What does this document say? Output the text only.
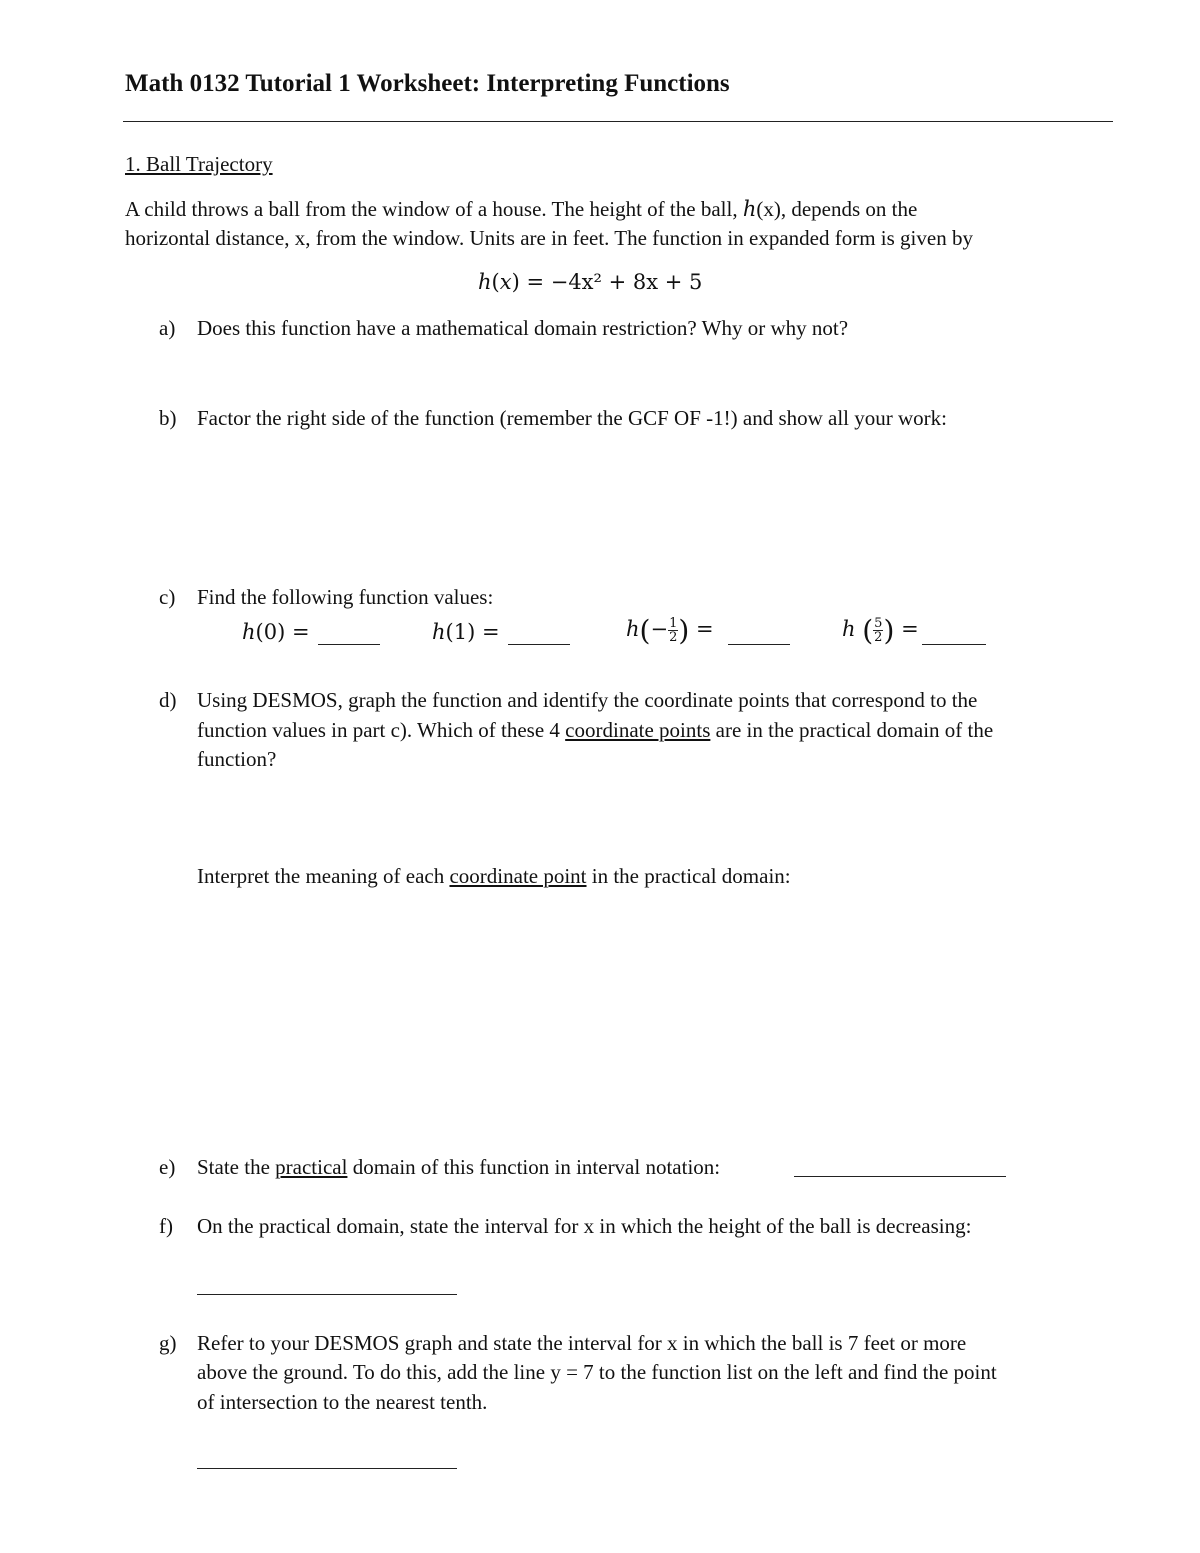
Math 0132 Tutorial 1 Worksheet: Interpreting Functions
1. Ball Trajectory
A child throws a ball from the window of a house. The height of the ball, h(x), depends on the
horizontal distance, x, from the window. Units are in feet. The function in expanded form is given by
h(x) = −4x² + 8x + 5
a) Does this function have a mathematical domain restriction? Why or why not?
b) Factor the right side of the function (remember the GCF OF -1!) and show all your work:
c) Find the following function values:
h(0) =	h(1) =	$h(- \frac{1}{2}$ ) =	h ( $\frac{5}{2}$ ) =
d) Using DESMOS, graph the function and identify the coordinate points that correspond to the
function values in part c). Which of these 4 coordinate points are in the practical domain of the
function?
Interpret the meaning of each coordinate point in the practical domain:
e) State the practical domain of this function in interval notation:
f) On the practical domain, state the interval for x in which the height of the ball is decreasing:
g) Refer to your DESMOS graph and state the interval for x in which the ball is 7 feet or more
above the ground. To do this, add the line y = 7 to the function list on the left and find the point
of intersection to the nearest tenth.
